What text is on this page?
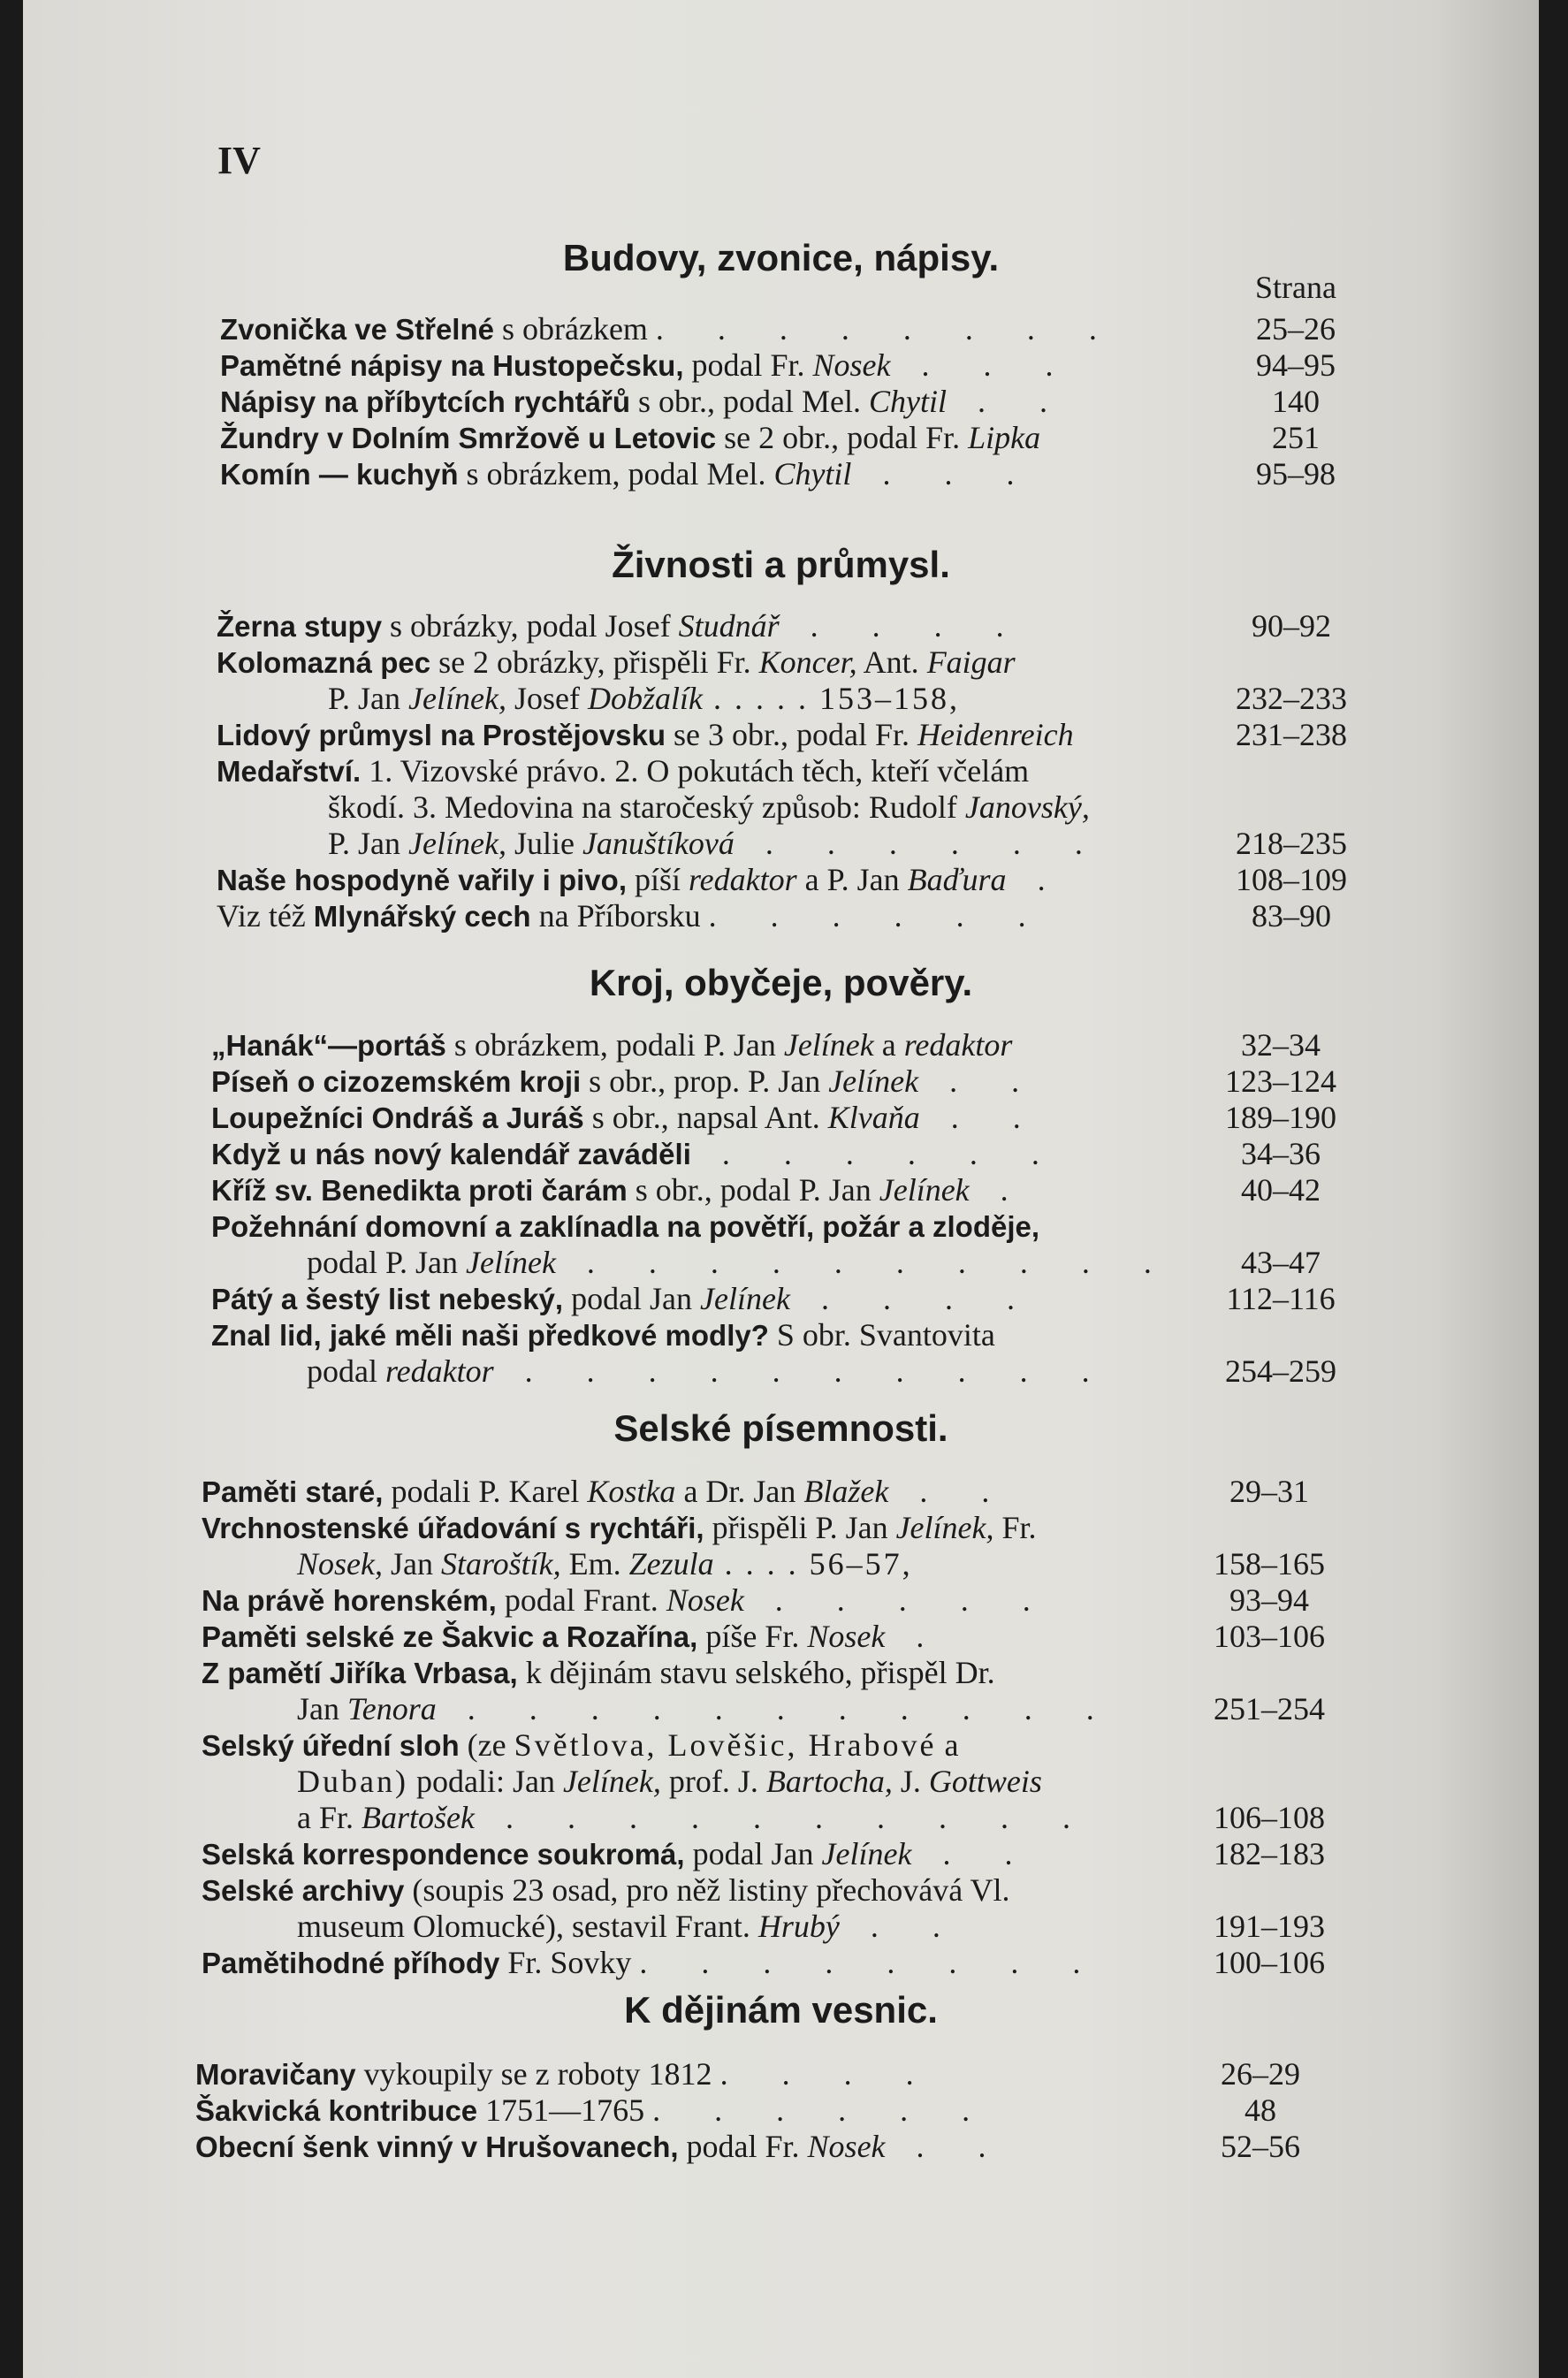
IV
Strana
Budovy, zvonice, nápisy.
Zvonička ve Střelné s obrázkem . . . . . . . .	25–26
Pamětné nápisy na Hustopečsku, podal Fr. Nosek . . .	94–95
Nápisy na příbytcích rychtářů s obr., podal Mel. Chytil . .	140
Žundry v Dolním Smržově u Letovic se 2 obr., podal Fr. Lipka	251
Komín — kuchyň s obrázkem, podal Mel. Chytil . . .	95–98
Živnosti a průmysl.
Žerna stupy s obrázky, podal Josef Studnář . . . .	90–92
Kolomazná pec se 2 obrázky, přispěli Fr. Koncer, Ant. Faigar
P. Jan Jelínek, Josef Dobžalík . . . . . 153–158,	232–233
Lidový průmysl na Prostějovsku se 3 obr., podal Fr. Heidenreich	231–238
Medařství. 1. Vizovské právo. 2. O pokutách těch, kteří včelám
škodí. 3. Medovina na staročeský způsob: Rudolf Janovský,
P. Jan Jelínek, Julie Januštíková . . . . . .	218–235
Naše hospodyně vařily i pivo, píší redaktor a P. Jan Baďura .	108–109
Viz též Mlynářský cech na Příborsku . . . . . .	83–90
Kroj, obyčeje, pověry.
„Hanák“—portáš s obrázkem, podali P. Jan Jelínek a redaktor	32–34
Píseň o cizozemském kroji s obr., prop. P. Jan Jelínek . .	123–124
Loupežníci Ondráš a Juráš s obr., napsal Ant. Klvaňa . .	189–190
Když u nás nový kalendář zaváděli . . . . . .	34–36
Kříž sv. Benedikta proti čarám s obr., podal P. Jan Jelínek .	40–42
Požehnání domovní a zaklínadla na povětří, požár a zloděje,
podal P. Jan Jelínek . . . . . . . . . .	43–47
Pátý a šestý list nebeský, podal Jan Jelínek . . . .	112–116
Znal lid, jaké měli naši předkové modly? S obr. Svantovita
podal redaktor . . . . . . . . . .	254–259
Selské písemnosti.
Paměti staré, podali P. Karel Kostka a Dr. Jan Blažek . .	29–31
Vrchnostenské úřadování s rychtáři, přispěli P. Jan Jelínek, Fr.
Nosek, Jan Staroštík, Em. Zezula . . . . 56–57,	158–165
Na právě horenském, podal Frant. Nosek . . . . .	93–94
Paměti selské ze Šakvic a Rozařína, píše Fr. Nosek .	103–106
Z pamětí Jiříka Vrbasa, k dějinám stavu selského, přispěl Dr.
Jan Tenora . . . . . . . . . . .	251–254
Selský úřední sloh (ze Světlova, Lověšic, Hrabové a
Duban) podali: Jan Jelínek, prof. J. Bartocha, J. Gottweis
a Fr. Bartošek . . . . . . . . . .	106–108
Selská korrespondence soukromá, podal Jan Jelínek . .	182–183
Selské archivy (soupis 23 osad, pro něž listiny přechovává Vl.
museum Olomucké), sestavil Frant. Hrubý . .	191–193
Pamětihodné příhody Fr. Sovky . . . . . . . .	100–106
K dějinám vesnic.
Moravičany vykoupily se z roboty 1812 . . . .	26–29
Šakvická kontribuce 1751—1765 . . . . . .	48
Obecní šenk vinný v Hrušovanech, podal Fr. Nosek . .	52–56
